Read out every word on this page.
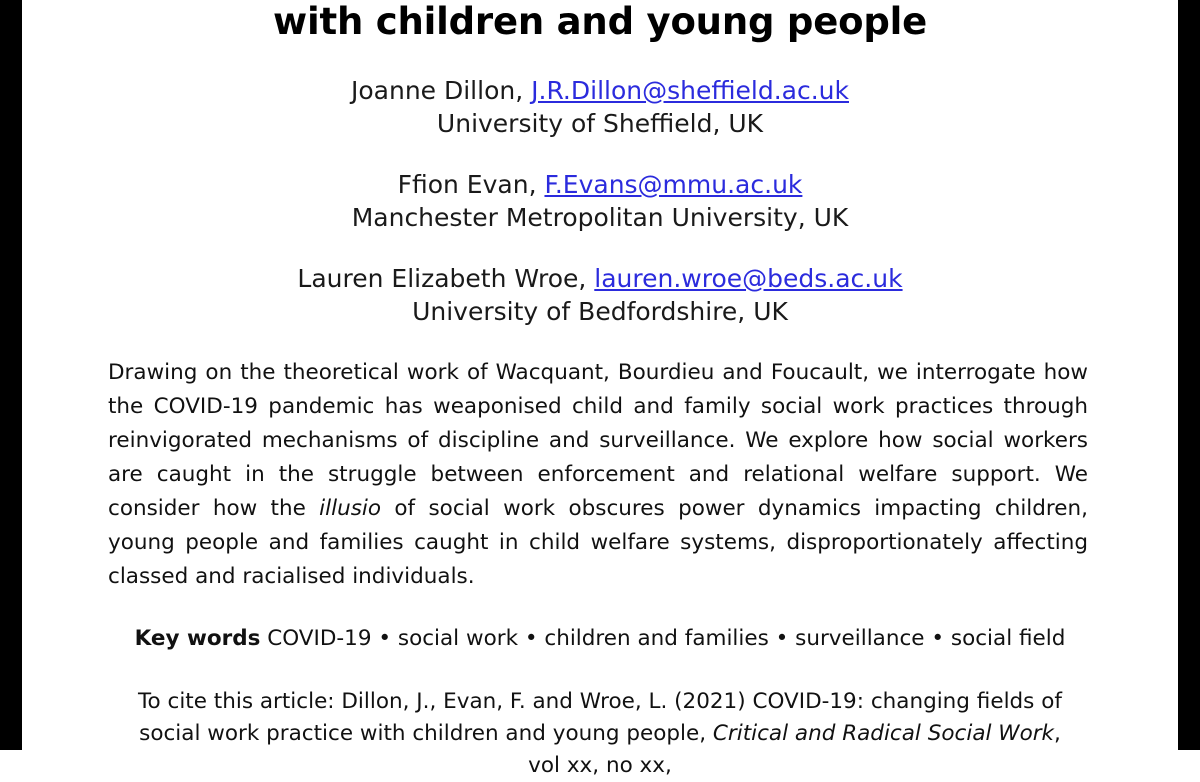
with children and young people
Joanne Dillon, J.R.Dillon@sheffield.ac.uk
University of Sheffield, UK
Ffion Evan, F.Evans@mmu.ac.uk
Manchester Metropolitan University, UK
Lauren Elizabeth Wroe, lauren.wroe@beds.ac.uk
University of Bedfordshire, UK
Drawing on the theoretical work of Wacquant, Bourdieu and Foucault, we interrogate how the COVID-19 pandemic has weaponised child and family social work practices through reinvigorated mechanisms of discipline and surveillance. We explore how social workers are caught in the struggle between enforcement and relational welfare support. We consider how the illusio of social work obscures power dynamics impacting children, young people and families caught in child welfare systems, disproportionately affecting classed and racialised individuals.
Key words COVID-19 • social work • children and families • surveillance • social field
To cite this article: Dillon, J., Evan, F. and Wroe, L. (2021) COVID-19: changing fields of social work practice with children and young people, Critical and Radical Social Work, vol xx, no xx,
